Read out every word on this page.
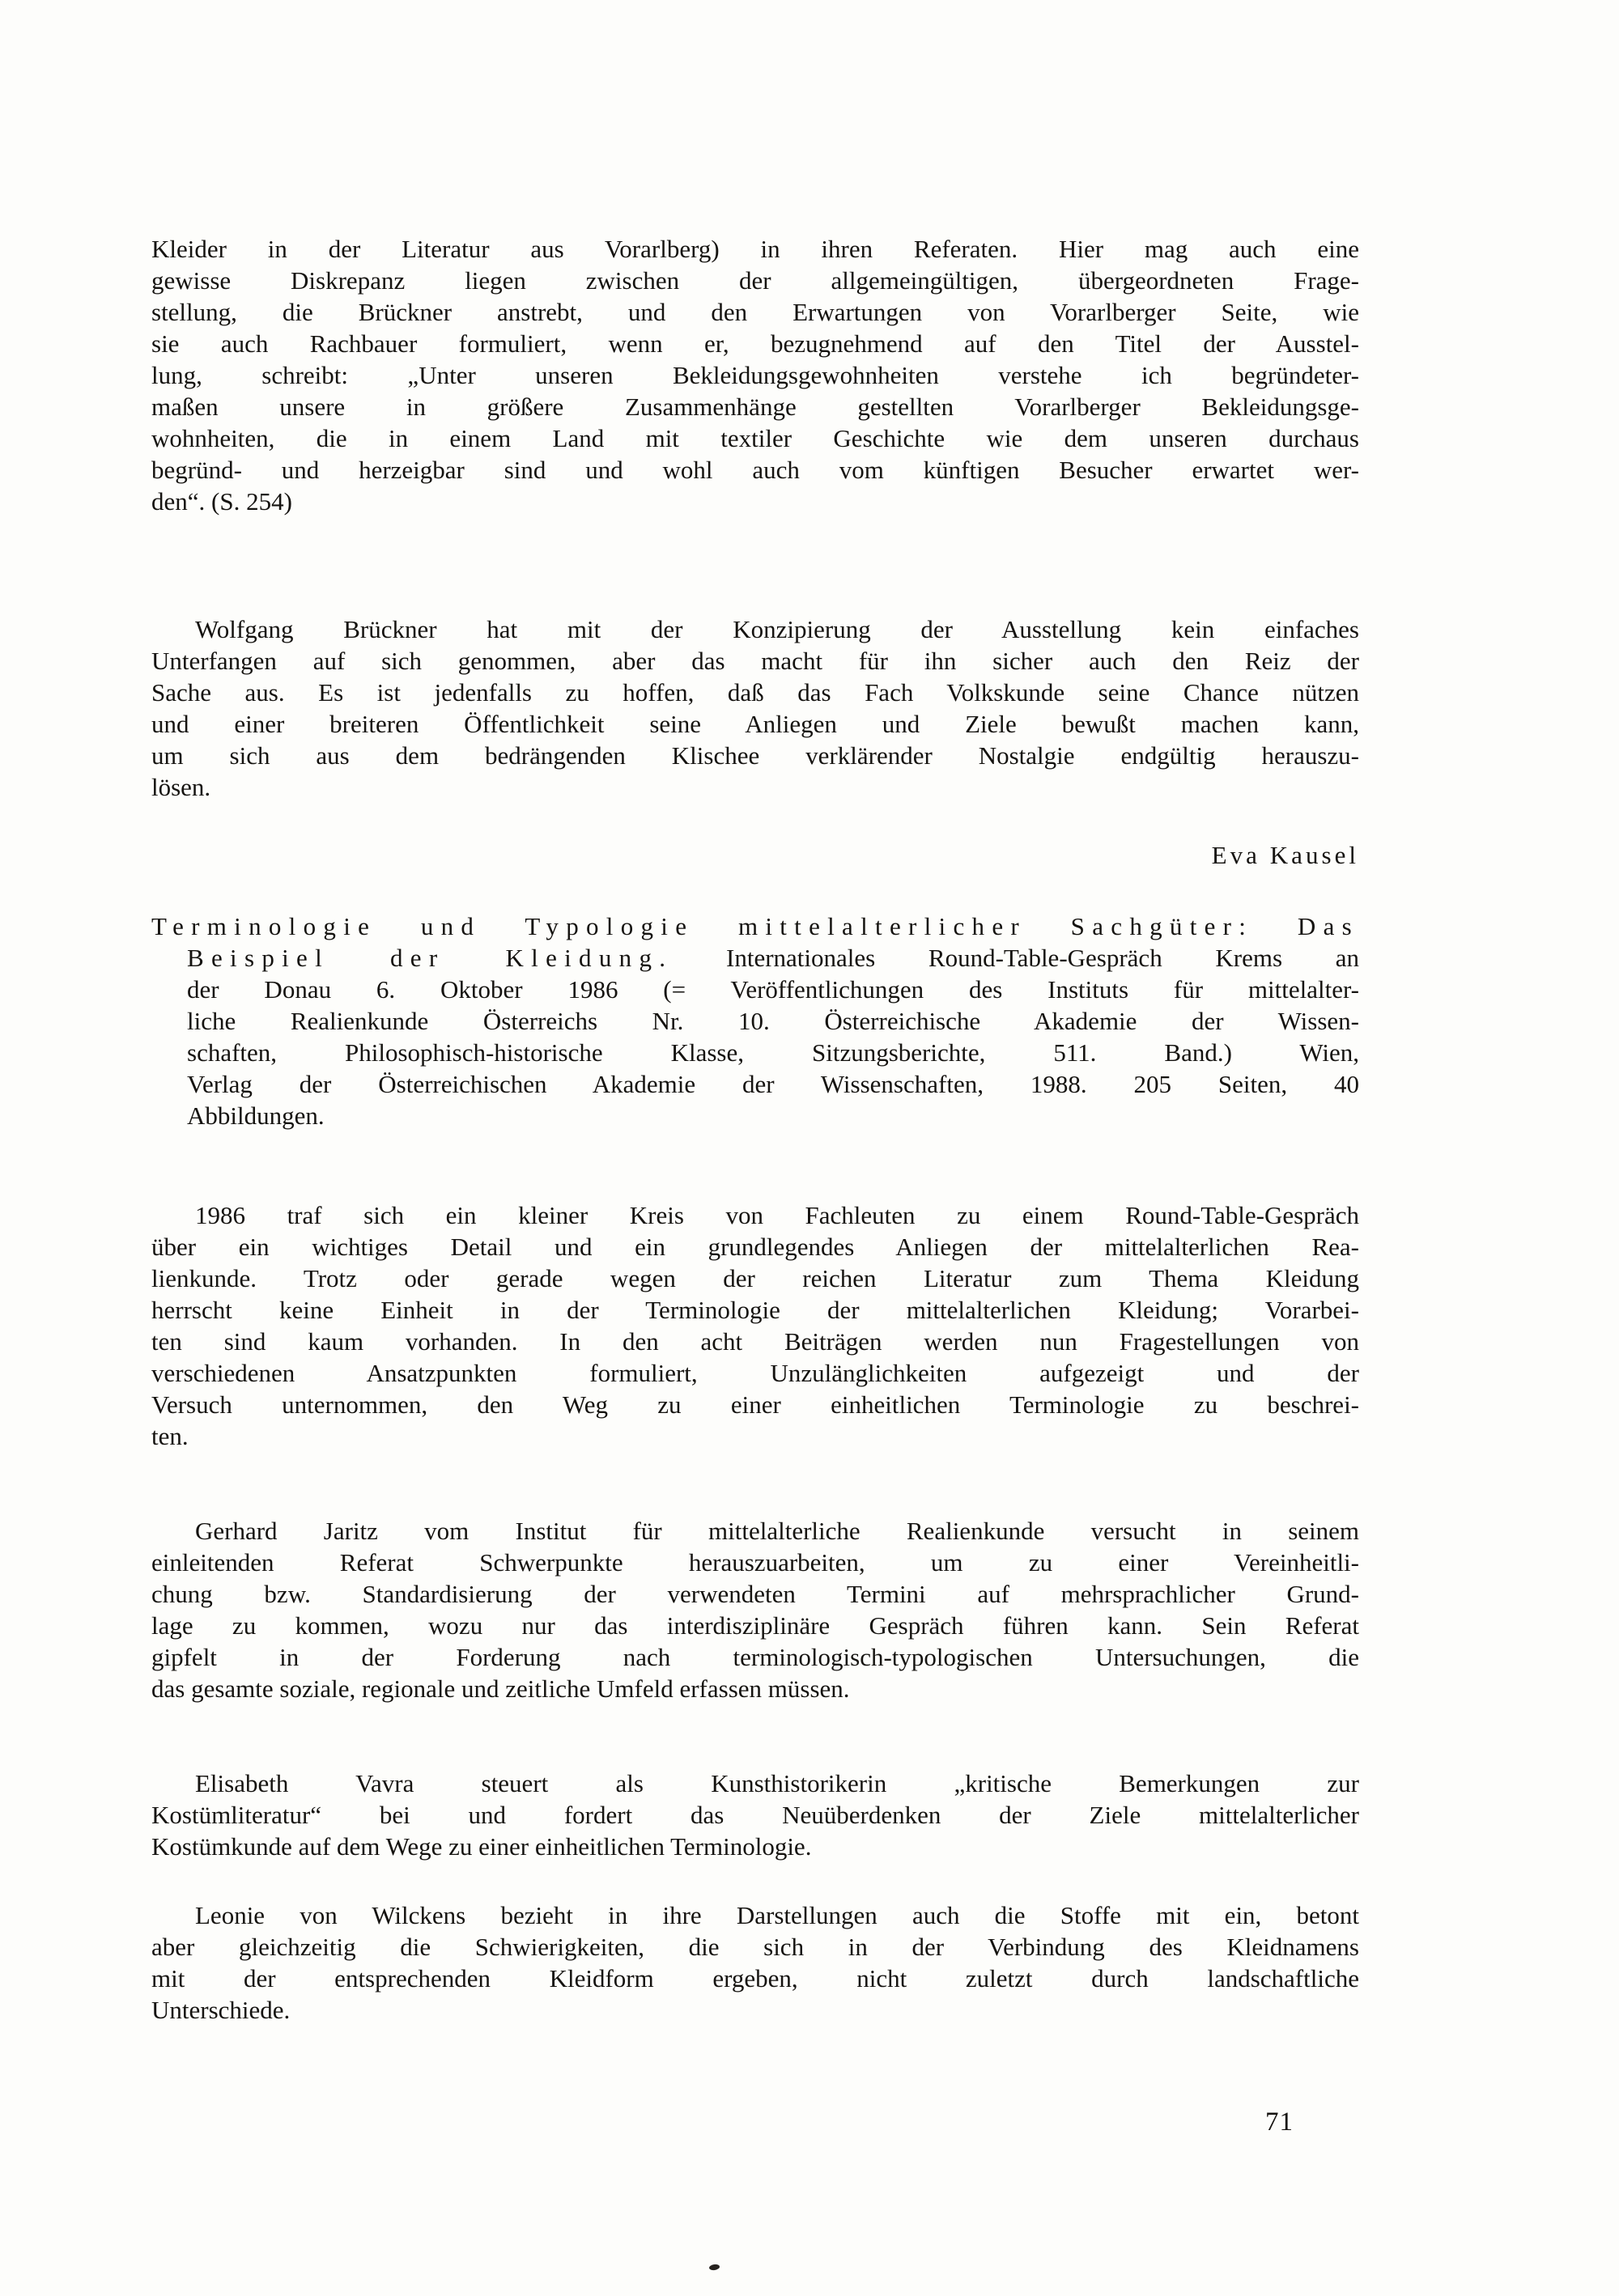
Kleider in der Literatur aus Vorarlberg) in ihren Referaten. Hier mag auch eine
gewisse Diskrepanz liegen zwischen der allgemeingültigen, übergeordneten Frage-
stellung, die Brückner anstrebt, und den Erwartungen von Vorarlberger Seite, wie
sie auch Rachbauer formuliert, wenn er, bezugnehmend auf den Titel der Ausstel-
lung, schreibt: „Unter unseren Bekleidungsgewohnheiten verstehe ich begründeter-
maßen unsere in größere Zusammenhänge gestellten Vorarlberger Bekleidungsge-
wohnheiten, die in einem Land mit textiler Geschichte wie dem unseren durchaus
begründ- und herzeigbar sind und wohl auch vom künftigen Besucher erwartet wer-
den“. (S. 254)
Wolfgang Brückner hat mit der Konzipierung der Ausstellung kein einfaches
Unterfangen auf sich genommen, aber das macht für ihn sicher auch den Reiz der
Sache aus. Es ist jedenfalls zu hoffen, daß das Fach Volkskunde seine Chance nützen
und einer breiteren Öffentlichkeit seine Anliegen und Ziele bewußt machen kann,
um sich aus dem bedrängenden Klischee verklärender Nostalgie endgültig herauszu-
lösen.
Eva Kausel
Terminologie und Typologie mittelalterlicher Sachgüter: Das
Beispiel der Kleidung. Internationales Round-Table-Gespräch Krems an
der Donau 6. Oktober 1986 (= Veröffentlichungen des Instituts für mittelalter-
liche Realienkunde Österreichs Nr. 10. Österreichische Akademie der Wissen-
schaften, Philosophisch-historische Klasse, Sitzungsberichte, 511. Band.) Wien,
Verlag der Österreichischen Akademie der Wissenschaften, 1988. 205 Seiten, 40
Abbildungen.
1986 traf sich ein kleiner Kreis von Fachleuten zu einem Round-Table-Gespräch
über ein wichtiges Detail und ein grundlegendes Anliegen der mittelalterlichen Rea-
lienkunde. Trotz oder gerade wegen der reichen Literatur zum Thema Kleidung
herrscht keine Einheit in der Terminologie der mittelalterlichen Kleidung; Vorarbei-
ten sind kaum vorhanden. In den acht Beiträgen werden nun Fragestellungen von
verschiedenen Ansatzpunkten formuliert, Unzulänglichkeiten aufgezeigt und der
Versuch unternommen, den Weg zu einer einheitlichen Terminologie zu beschrei-
ten.
Gerhard Jaritz vom Institut für mittelalterliche Realienkunde versucht in seinem
einleitenden Referat Schwerpunkte herauszuarbeiten, um zu einer Vereinheitli-
chung bzw. Standardisierung der verwendeten Termini auf mehrsprachlicher Grund-
lage zu kommen, wozu nur das interdisziplinäre Gespräch führen kann. Sein Referat
gipfelt in der Forderung nach terminologisch-typologischen Untersuchungen, die
das gesamte soziale, regionale und zeitliche Umfeld erfassen müssen.
Elisabeth Vavra steuert als Kunsthistorikerin „kritische Bemerkungen zur
Kostümliteratur“ bei und fordert das Neuüberdenken der Ziele mittelalterlicher
Kostümkunde auf dem Wege zu einer einheitlichen Terminologie.
Leonie von Wilckens bezieht in ihre Darstellungen auch die Stoffe mit ein, betont
aber gleichzeitig die Schwierigkeiten, die sich in der Verbindung des Kleidnamens
mit der entsprechenden Kleidform ergeben, nicht zuletzt durch landschaftliche
Unterschiede.
71
